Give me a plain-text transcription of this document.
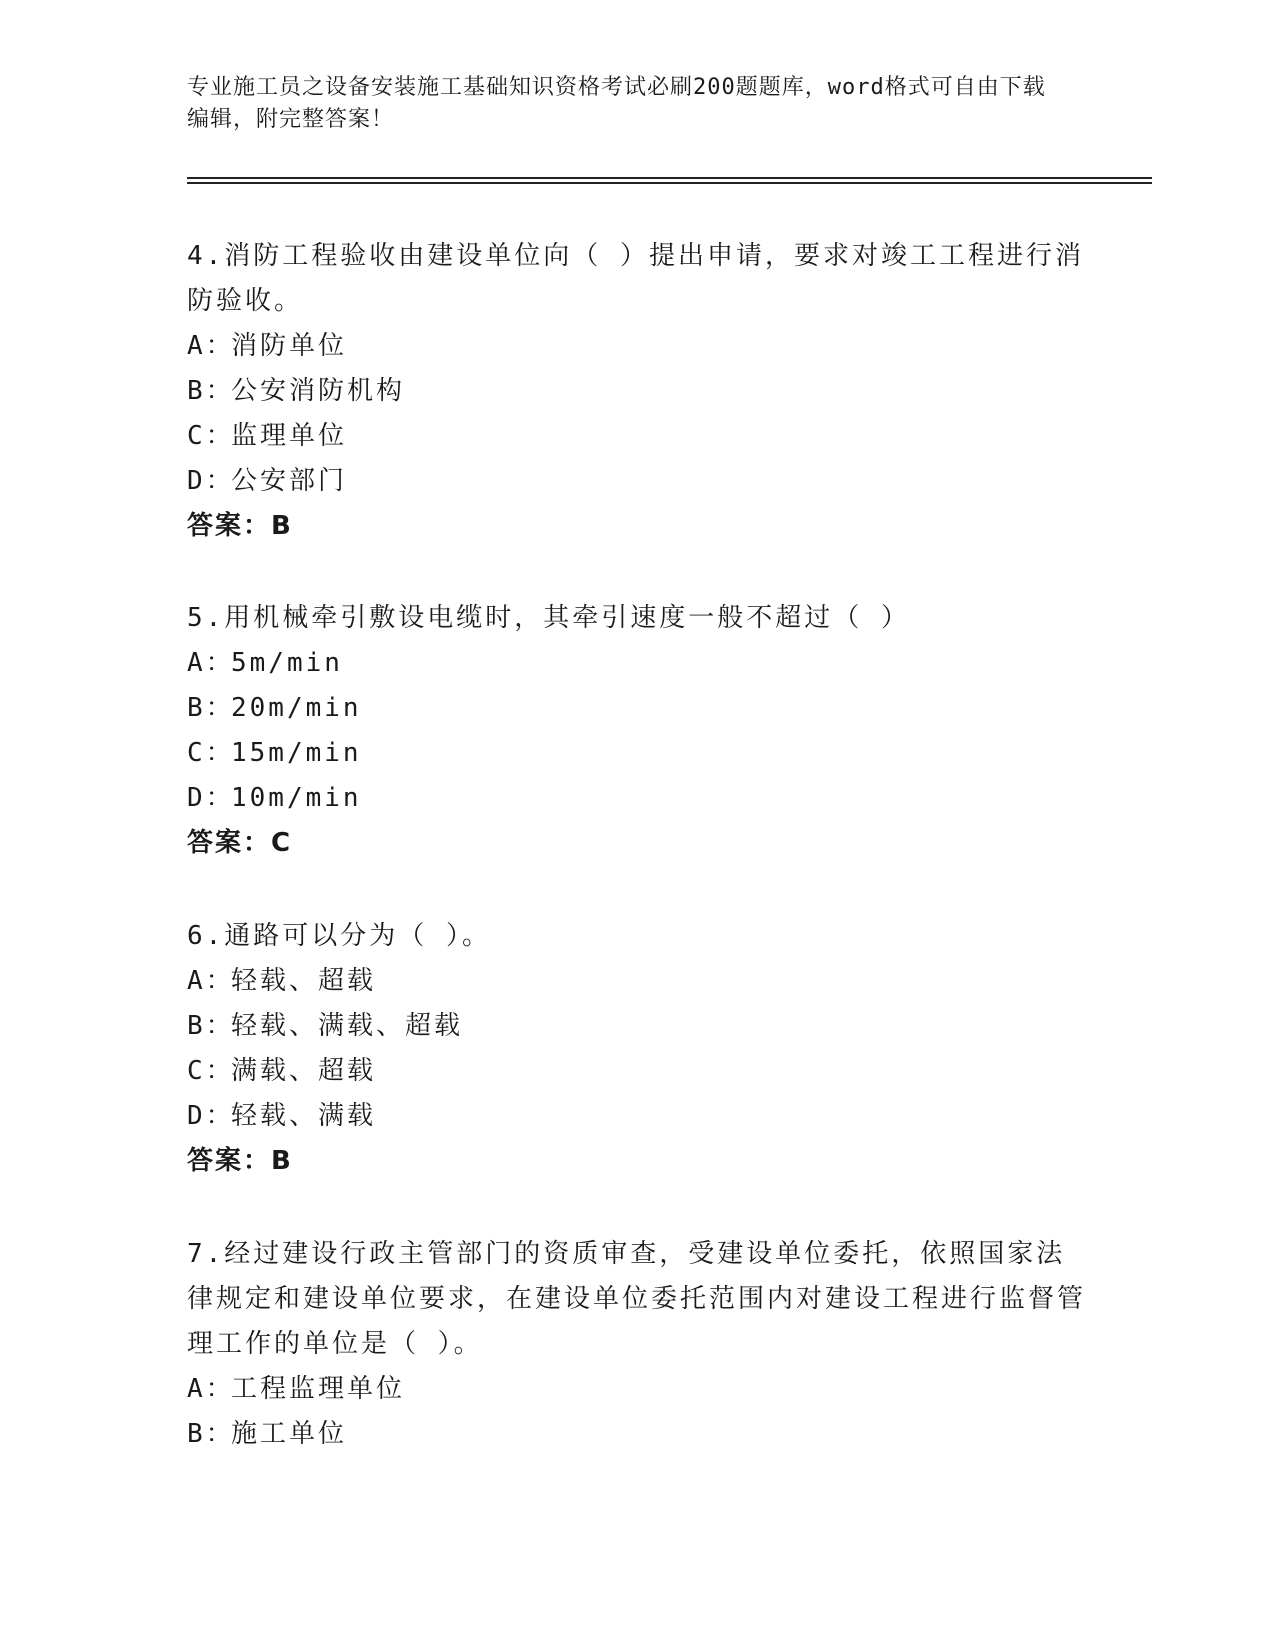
专业施工员之设备安装施工基础知识资格考试必刷200题题库，word格式可自由下载编辑，附完整答案！
4.消防工程验收由建设单位向（ ）提出申请，要求对竣工工程进行消防验收。
A：消防单位
B：公安消防机构
C：监理单位
D：公安部门
答案：B
5.用机械牵引敷设电缆时，其牵引速度一般不超过（ ）
A：5m/min
B：20m/min
C：15m/min
D：10m/min
答案：C
6.通路可以分为（ ）。
A：轻载、超载
B：轻载、满载、超载
C：满载、超载
D：轻载、满载
答案：B
7.经过建设行政主管部门的资质审查，受建设单位委托，依照国家法律规定和建设单位要求，在建设单位委托范围内对建设工程进行监督管理工作的单位是（ ）。
A：工程监理单位
B：施工单位
